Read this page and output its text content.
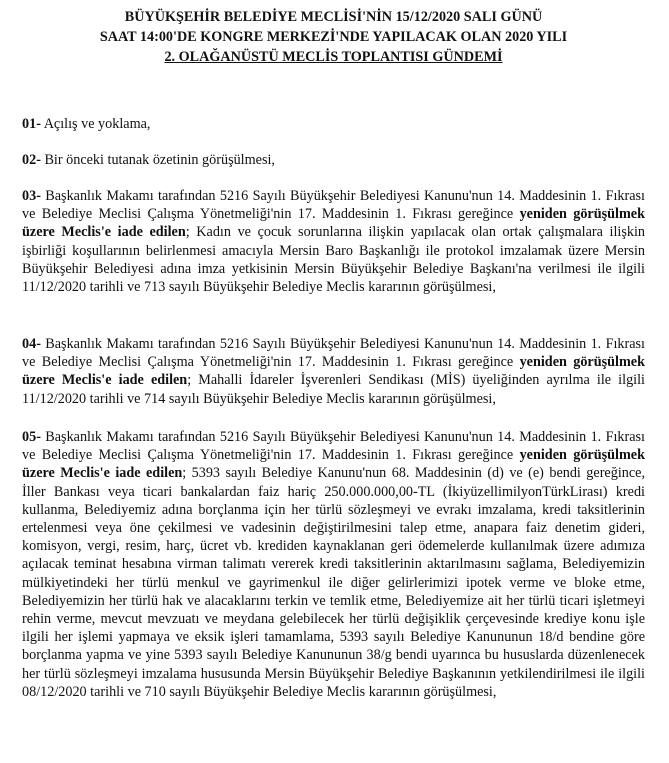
BÜYÜKŞEHİR BELEDİYE MECLİSİ'NİN 15/12/2020 SALI GÜNÜ
SAAT 14:00'DE KONGRE MERKEZİ'NDE YAPILACAK OLAN 2020 YILI
2. OLAĞANÜSTÜ MECLİS TOPLANTISI GÜNDEMİ

01- Açılış ve yoklama,

02- Bir önceki tutanak özetinin görüşülmesi,

03- Başkanlık Makamı tarafından 5216 Sayılı Büyükşehir Belediyesi Kanunu'nun 14. Maddesinin 1. Fıkrası ve Belediye Meclisi Çalışma Yönetmeliği'nin 17. Maddesinin 1. Fıkrası gereğince yeniden görüşülmek üzere Meclis'e iade edilen; Kadın ve çocuk sorunlarına ilişkin yapılacak olan ortak çalışmalara ilişkin işbirliği koşullarının belirlenmesi amacıyla Mersin Baro Başkanlığı ile protokol imzalamak üzere Mersin Büyükşehir Belediyesi adına imza yetkisinin Mersin Büyükşehir Belediye Başkanı'na verilmesi ile ilgili 11/12/2020 tarihli ve 713 sayılı Büyükşehir Belediye Meclis kararının görüşülmesi,

04- Başkanlık Makamı tarafından 5216 Sayılı Büyükşehir Belediyesi Kanunu'nun 14. Maddesinin 1. Fıkrası ve Belediye Meclisi Çalışma Yönetmeliği'nin 17. Maddesinin 1. Fıkrası gereğince yeniden görüşülmek üzere Meclis'e iade edilen; Mahalli İdareler İşverenleri Sendikası (MİS) üyeliğinden ayrılma ile ilgili 11/12/2020 tarihli ve 714 sayılı Büyükşehir Belediye Meclis kararının görüşülmesi,

05- Başkanlık Makamı tarafından 5216 Sayılı Büyükşehir Belediyesi Kanunu'nun 14. Maddesinin 1. Fıkrası ve Belediye Meclisi Çalışma Yönetmeliği'nin 17. Maddesinin 1. Fıkrası gereğince yeniden görüşülmek üzere Meclis'e iade edilen; 5393 sayılı Belediye Kanunu'nun 68. Maddesinin (d) ve (e) bendi gereğince, İller Bankası veya ticari bankalardan faiz hariç 250.000.000,00-TL (İkiyüzellimilyonTürkLirası) kredi kullanma, Belediyemiz adına borçlanma için her türlü sözleşmeyi ve evrakı imzalama, kredi taksitlerinin ertelenmesi veya öne çekilmesi ve vadesinin değiştirilmesini talep etme, anapara faiz denetim gideri, komisyon, vergi, resim, harç, ücret vb. krediden kaynaklanan geri ödemelerde kullanılmak üzere adımıza açılacak teminat hesabına virman talimatı vererek kredi taksitlerinin aktarılmasını sağlama, Belediyemizin mülkiyetindeki her türlü menkul ve gayrimenkul ile diğer gelirlerimizi ipotek verme ve bloke etme, Belediyemizin her türlü hak ve alacaklarını terkin ve temlik etme, Belediyemize ait her türlü ticari işletmeyi rehin verme, mevcut mevzuatı ve meydana gelebilecek her türlü değişiklik çerçevesinde krediye konu işle ilgili her işlemi yapmaya ve eksik işleri tamamlama, 5393 sayılı Belediye Kanununun 18/d bendine göre borçlanma yapma ve yine 5393 sayılı Belediye Kanununun 38/g bendi uyarınca bu hususlarda düzenlenecek her türlü sözleşmeyi imzalama hususunda Mersin Büyükşehir Belediye Başkanının yetkilendirilmesi ile ilgili 08/12/2020 tarihli ve 710 sayılı Büyükşehir Belediye Meclis kararının görüşülmesi,
